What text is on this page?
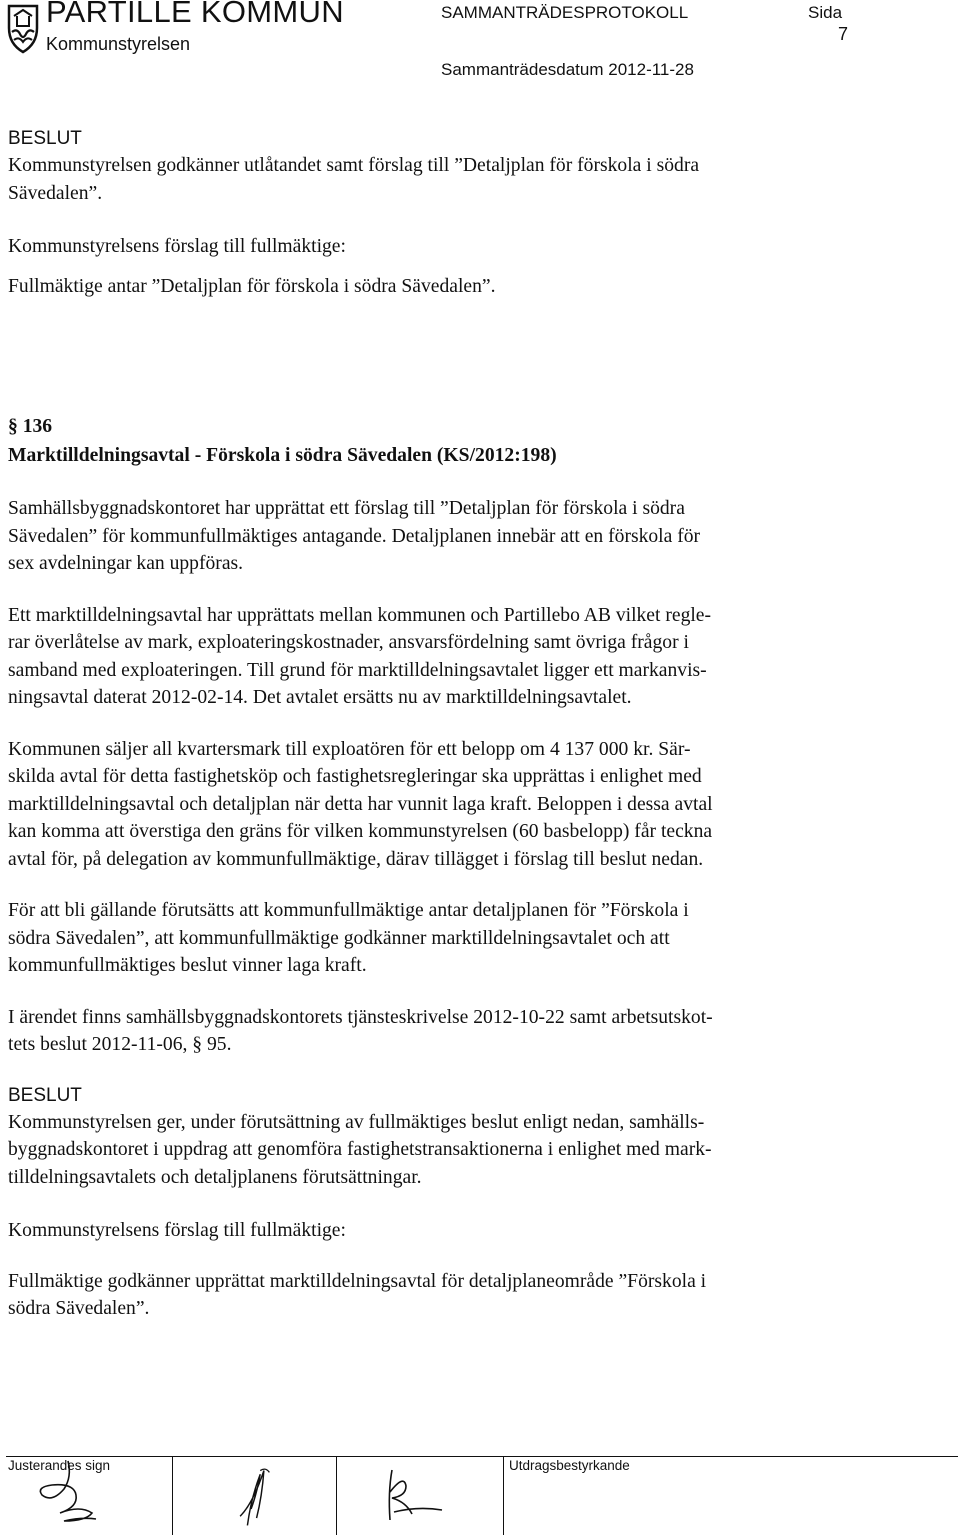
PARTILLE KOMMUN
Kommunstyrelsen
SAMMANTRÄDESPROTOKOLL	Sida
7
Sammanträdesdatum 2012-11-28
BESLUT

Kommunstyrelsen godkänner utlåtandet samt förslag till ”Detaljplan för förskola i södra
Sävedalen”.

Kommunstyrelsens förslag till fullmäktige:

Fullmäktige antar ”Detaljplan för förskola i södra Sävedalen”.

§ 136

Marktilldelningsavtal - Förskola i södra Sävedalen (KS/2012:198)

Samhällsbyggnadskontoret har upprättat ett förslag till ”Detaljplan för förskola i södra
Sävedalen” för kommunfullmäktiges antagande. Detaljplanen innebär att en förskola för
sex avdelningar kan uppföras.

Ett marktilldelningsavtal har upprättats mellan kommunen och Partillebo AB vilket regle-
rar överlåtelse av mark, exploateringskostnader, ansvarsfördelning samt övriga frågor i
samband med exploateringen. Till grund för marktilldelningsavtalet ligger ett markanvis-
ningsavtal daterat 2012-02-14. Det avtalet ersätts nu av marktilldelningsavtalet.

Kommunen säljer all kvartersmark till exploatören för ett belopp om 4 137 000 kr. Sär-
skilda avtal för detta fastighetsköp och fastighetsregleringar ska upprättas i enlighet med
marktilldelningsavtal och detaljplan när detta har vunnit laga kraft. Beloppen i dessa avtal
kan komma att överstiga den gräns för vilken kommunstyrelsen (60 basbelopp) får teckna
avtal för, på delegation av kommunfullmäktige, därav tillägget i förslag till beslut nedan.

För att bli gällande förutsätts att kommunfullmäktige antar detaljplanen för ”Förskola i
södra Sävedalen”, att kommunfullmäktige godkänner marktilldelningsavtalet och att
kommunfullmäktiges beslut vinner laga kraft.

I ärendet finns samhällsbyggnadskontorets tjänsteskrivelse 2012-10-22 samt arbetsutskot-
tets beslut 2012-11-06, § 95.

BESLUT

Kommunstyrelsen ger, under förutsättning av fullmäktiges beslut enligt nedan, samhälls-
byggnadskontoret i uppdrag att genomföra fastighetstransaktionerna i enlighet med mark-
tilldelningsavtalets och detaljplanens förutsättningar.

Kommunstyrelsens förslag till fullmäktige:

Fullmäktige godkänner upprättat marktilldelningsavtal för detaljplaneområde ”Förskola i
södra Sävedalen”.

Justerandes sign	Utdragsbestyrkande
